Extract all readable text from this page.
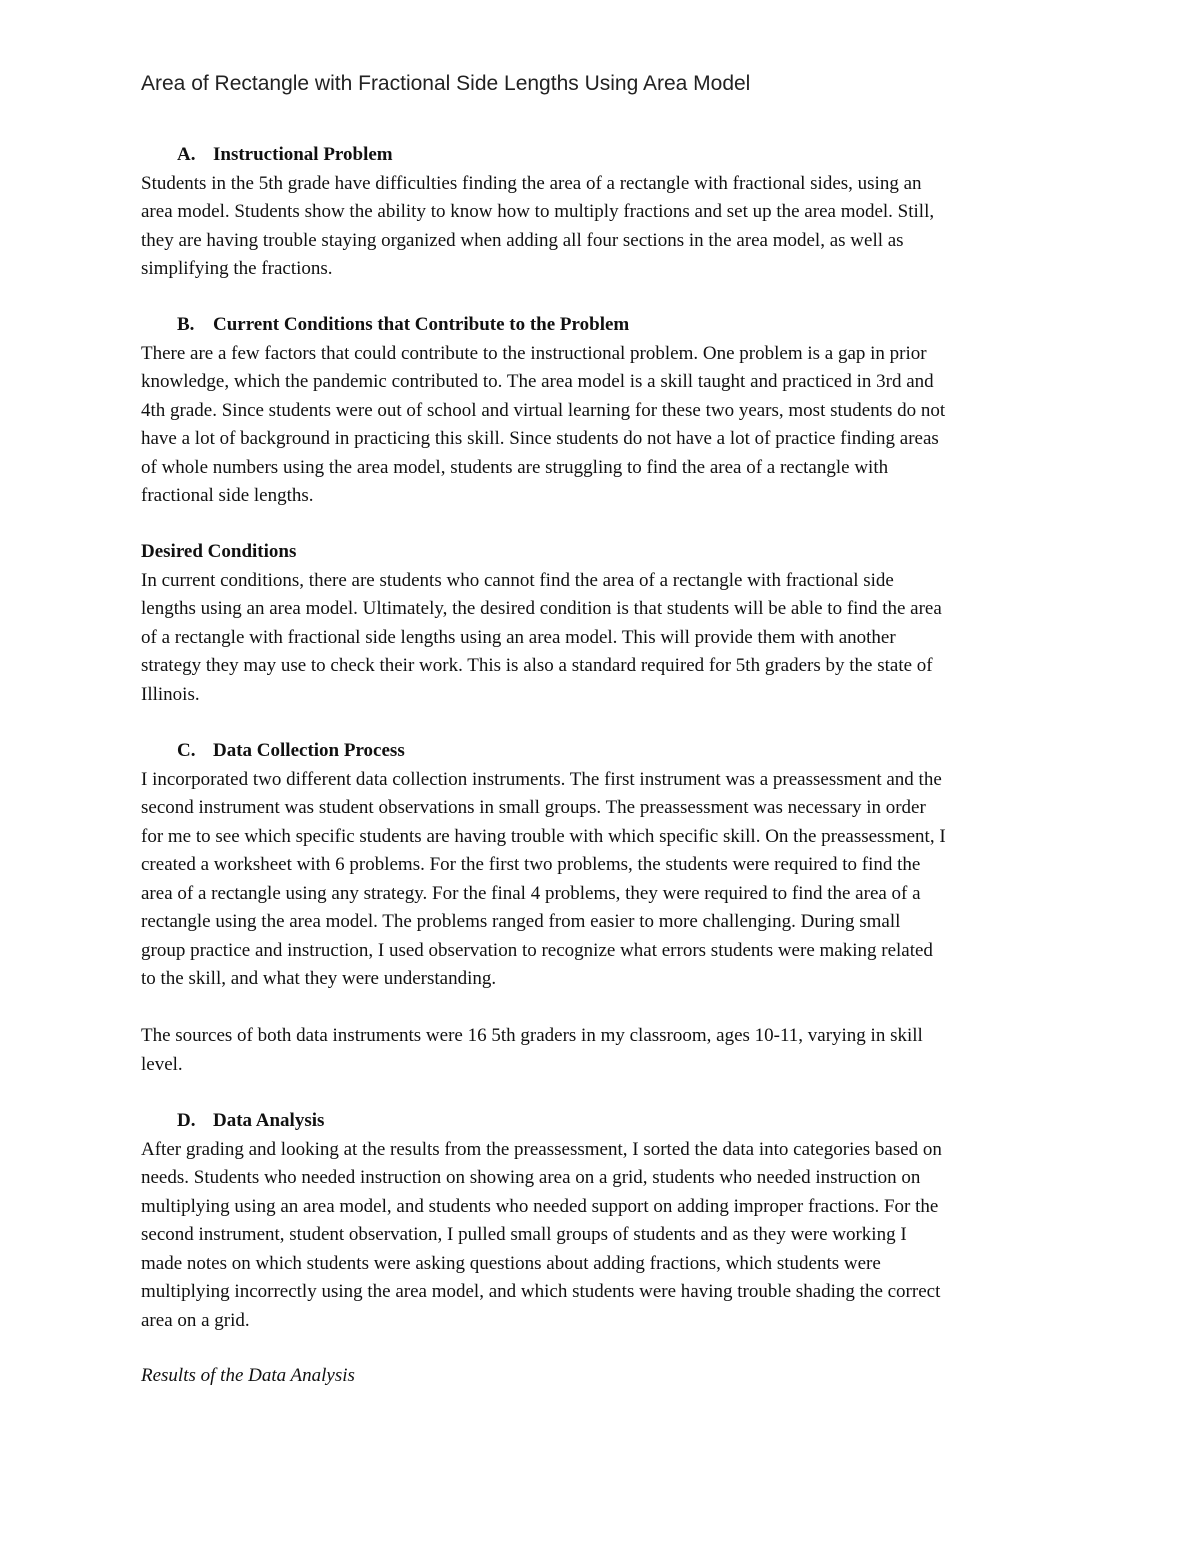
Area of Rectangle with Fractional Side Lengths Using Area Model
A. Instructional Problem
Students in the 5th grade have difficulties finding the area of a rectangle with fractional sides, using an
area model. Students show the ability to know how to multiply fractions and set up the area model. Still,
they are having trouble staying organized when adding all four sections in the area model, as well as
simplifying the fractions.
B. Current Conditions that Contribute to the Problem
There are a few factors that could contribute to the instructional problem. One problem is a gap in prior
knowledge, which the pandemic contributed to. The area model is a skill taught and practiced in 3rd and
4th grade. Since students were out of school and virtual learning for these two years, most students do not
have a lot of background in practicing this skill. Since students do not have a lot of practice finding areas
of whole numbers using the area model, students are struggling to find the area of a rectangle with
fractional side lengths.
Desired Conditions
In current conditions, there are students who cannot find the area of a rectangle with fractional side
lengths using an area model. Ultimately, the desired condition is that students will be able to find the area
of a rectangle with fractional side lengths using an area model. This will provide them with another
strategy they may use to check their work. This is also a standard required for 5th graders by the state of
Illinois.
C. Data Collection Process
I incorporated two different data collection instruments. The first instrument was a preassessment and the
second instrument was student observations in small groups. The preassessment was necessary in order
for me to see which specific students are having trouble with which specific skill. On the preassessment, I
created a worksheet with 6 problems. For the first two problems, the students were required to find the
area of a rectangle using any strategy. For the final 4 problems, they were required to find the area of a
rectangle using the area model. The problems ranged from easier to more challenging. During small
group practice and instruction, I used observation to recognize what errors students were making related
to the skill, and what they were understanding.
The sources of both data instruments were 16 5th graders in my classroom, ages 10-11, varying in skill
level.
D. Data Analysis
After grading and looking at the results from the preassessment, I sorted the data into categories based on
needs. Students who needed instruction on showing area on a grid, students who needed instruction on
multiplying using an area model, and students who needed support on adding improper fractions. For the
second instrument, student observation, I pulled small groups of students and as they were working I
made notes on which students were asking questions about adding fractions, which students were
multiplying incorrectly using the area model, and which students were having trouble shading the correct
area on a grid.
Results of the Data Analysis
